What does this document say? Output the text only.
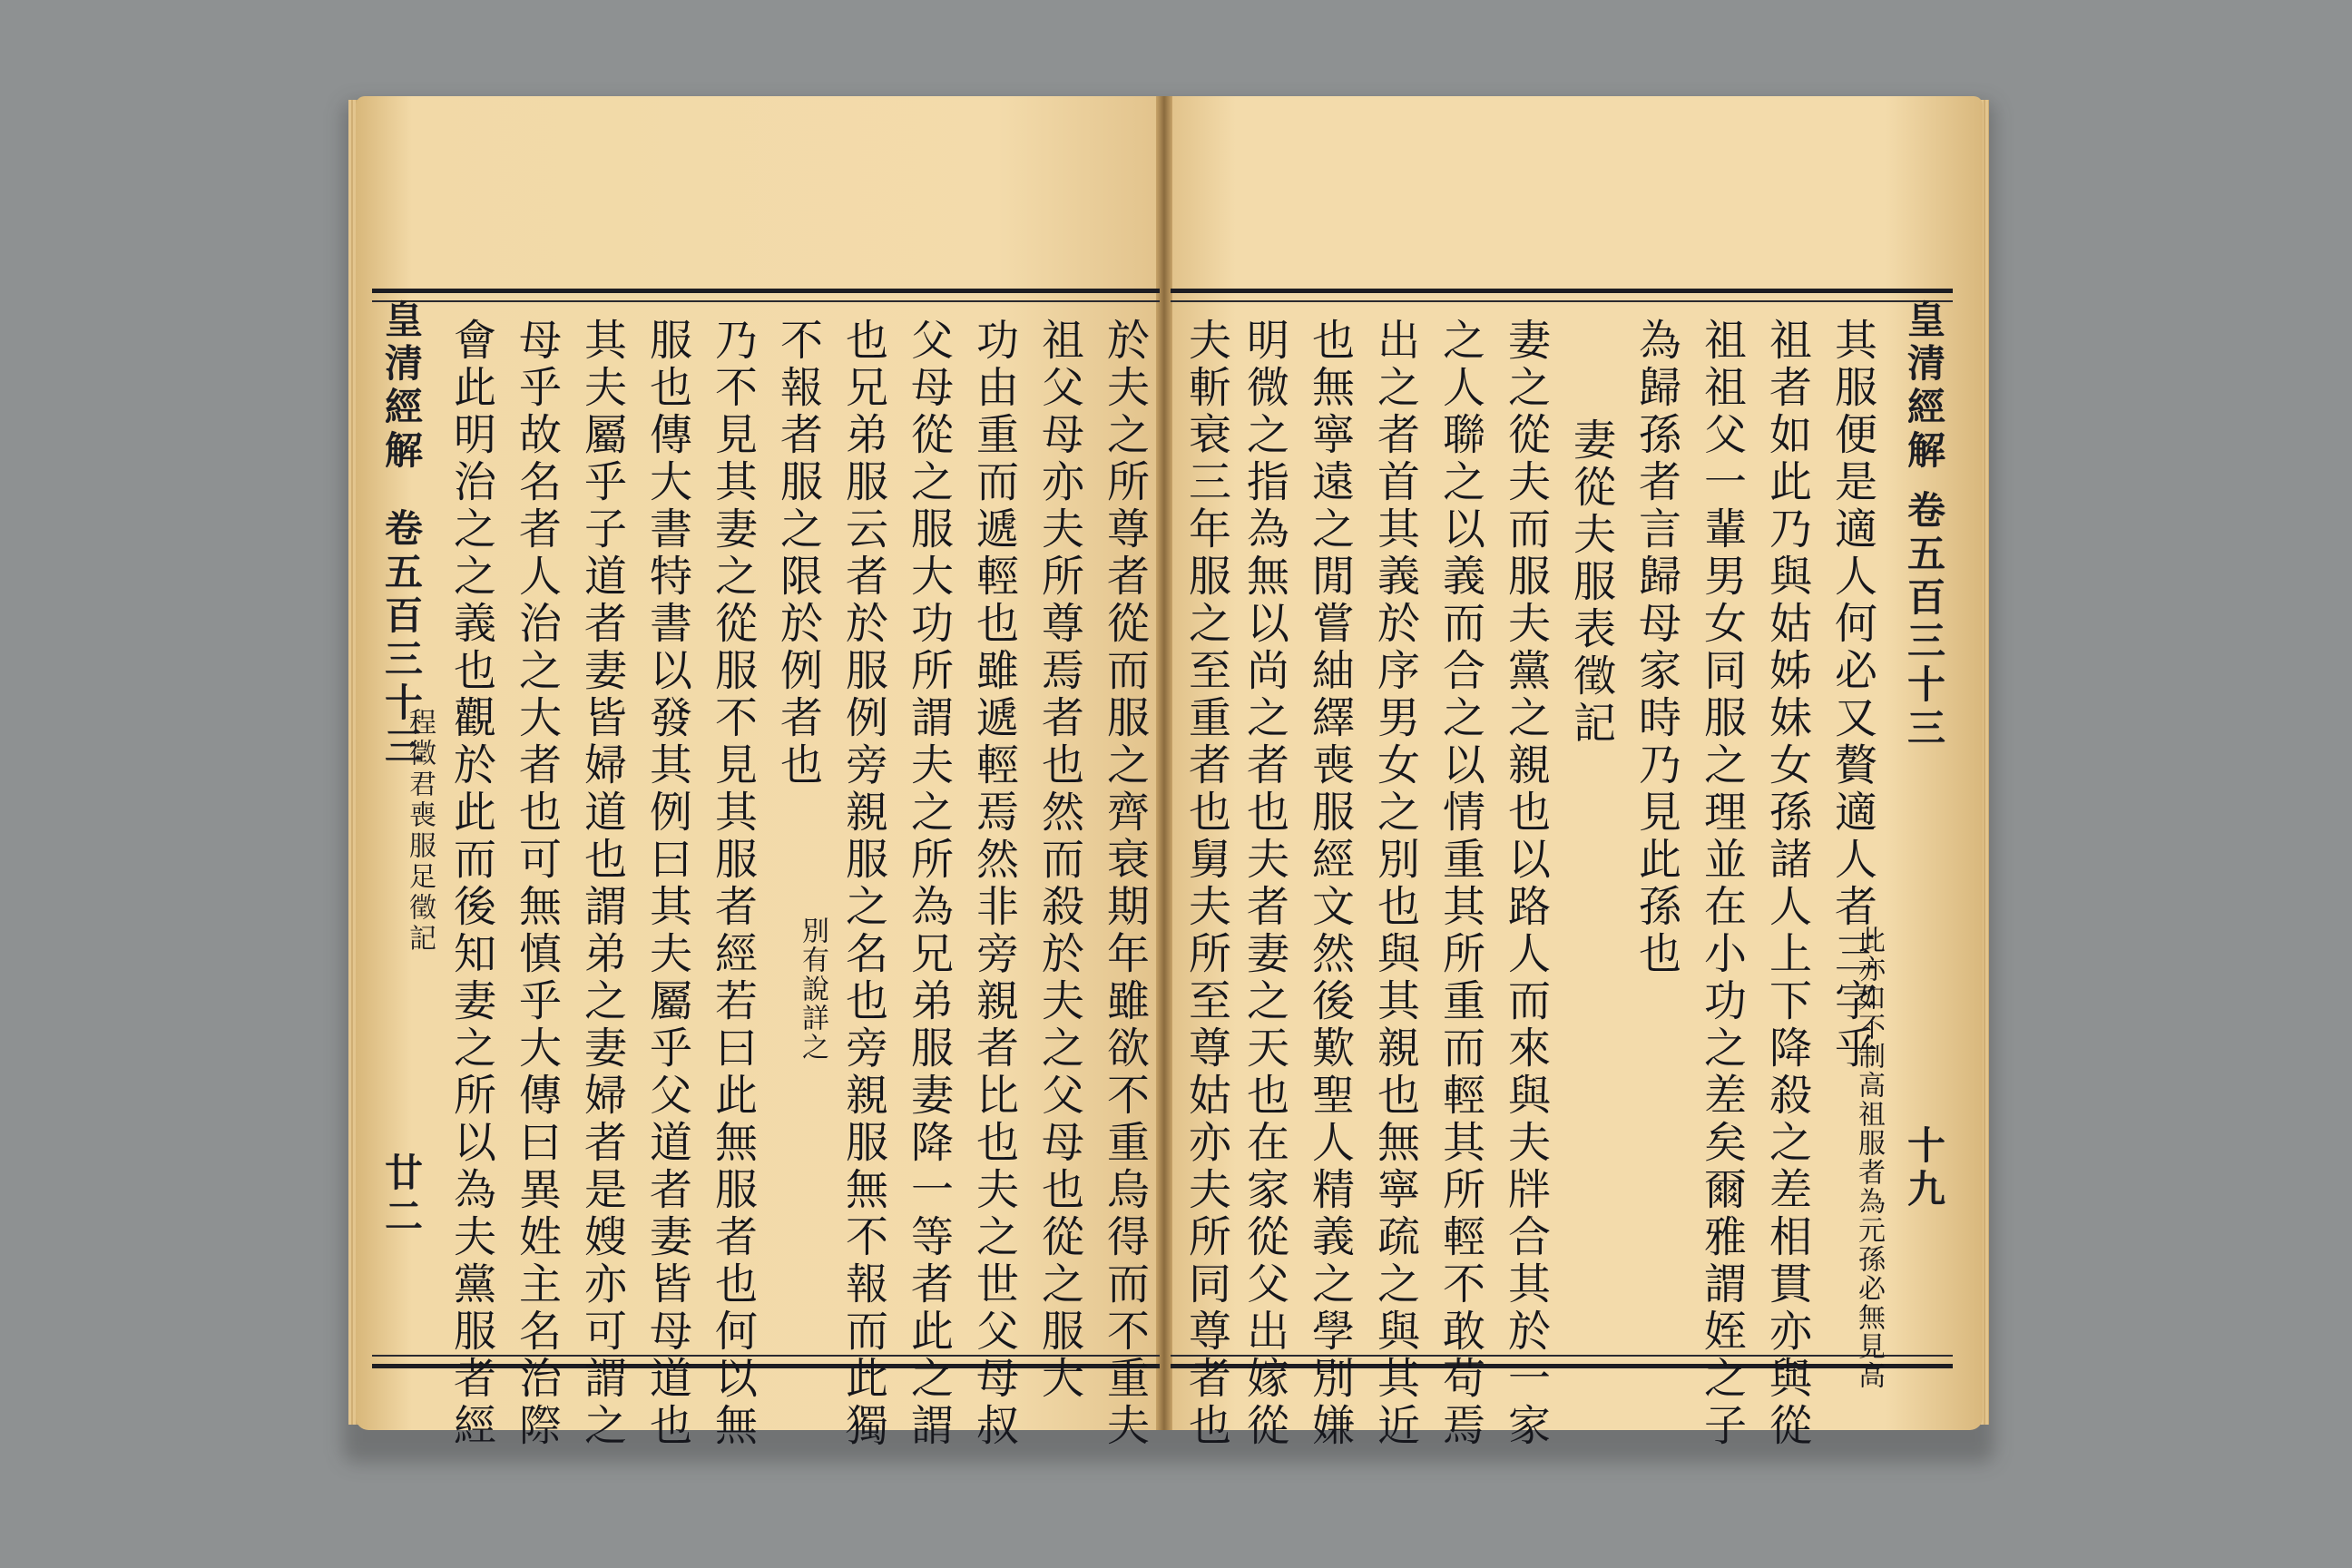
皇清經解
卷五百三十三
程徵君喪服足徵記
廿二
皇清經解
卷五百三十三
十九
於夫之所尊者從而服之齊衰期年雖欲不重烏得而不重夫
祖父母亦夫所尊焉者也然而殺於夫之父母也從之服大
功由重而遞輕也雖遞輕焉然非旁親者比也夫之世父母叔
父母從之服大功所謂夫之所為兄弟服妻降一等者此之謂
也兄弟服云者於服例旁親服之名也旁親服無不報而此獨
不報者服之限於例者也
別有說詳之
乃不見其妻之從服不見其服者經若曰此無服者也何以無
服也傳大書特書以發其例曰其夫屬乎父道者妻皆母道也
其夫屬乎子道者妻皆婦道也謂弟之妻婦者是嫂亦可謂之
母乎故名者人治之大者也可無慎乎大傳曰異姓主名治際
會此明治之之義也觀於此而後知妻之所以為夫黨服者經	其服便是適人何必又贅適人者三字乎
此亦如不制高祖服者為元孫必無見高
祖者如此乃與姑姊妹女孫諸人上下降殺之差相貫亦與從
祖祖父一輩男女同服之理並在小功之差矣爾雅謂姪之子
為歸孫者言歸母家時乃見此孫也
妻從夫服表徵記
妻之從夫而服夫黨之親也以路人而來與夫牉合其於一家
之人聯之以義而合之以情重其所重而輕其所輕不敢苟焉
出之者首其義於序男女之別也與其親也無寧疏之與其近
也無寧遠之閒嘗紬繹喪服經文然後歎聖人精義之學別嫌
明微之指為無以尚之者也夫者妻之天也在家從父出嫁從
夫斬衰三年服之至重者也舅夫所至尊姑亦夫所同尊者也
